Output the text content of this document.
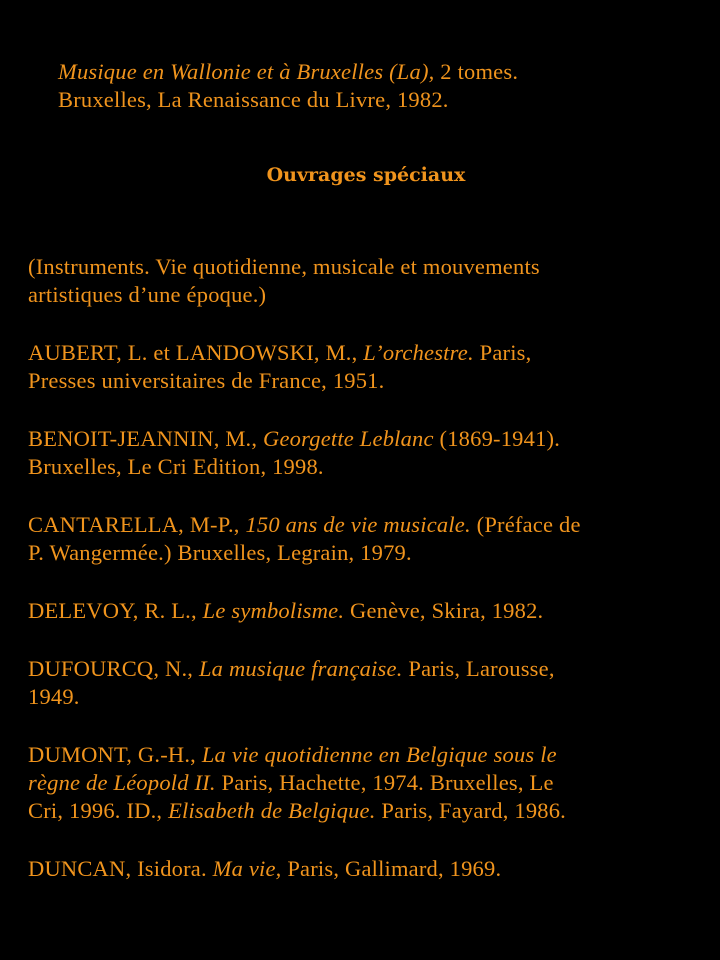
Musique en Wallonie et à Bruxelles (La), 2 tomes.
Bruxelles, La Renaissance du Livre, 1982.
Ouvrages spéciaux
(Instruments. Vie quotidienne, musicale et mouvements
artistiques d’une époque.)
AUBERT, L. et LANDOWSKI, M., L’orchestre. Paris,
Presses universitaires de France, 1951.
BENOIT-JEANNIN, M., Georgette Leblanc (1869-1941).
Bruxelles, Le Cri Edition, 1998.
CANTARELLA, M-P., 150 ans de vie musicale. (Préface de
P. Wangermée.) Bruxelles, Legrain, 1979.
DELEVOY, R. L., Le symbolisme. Genève, Skira, 1982.
DUFOURCQ, N., La musique française. Paris, Larousse,
1949.
DUMONT, G.-H., La vie quotidienne en Belgique sous le
règne de Léopold II. Paris, Hachette, 1974. Bruxelles, Le
Cri, 1996. ID., Elisabeth de Belgique. Paris, Fayard, 1986.
DUNCAN, Isidora. Ma vie, Paris, Gallimard, 1969.
